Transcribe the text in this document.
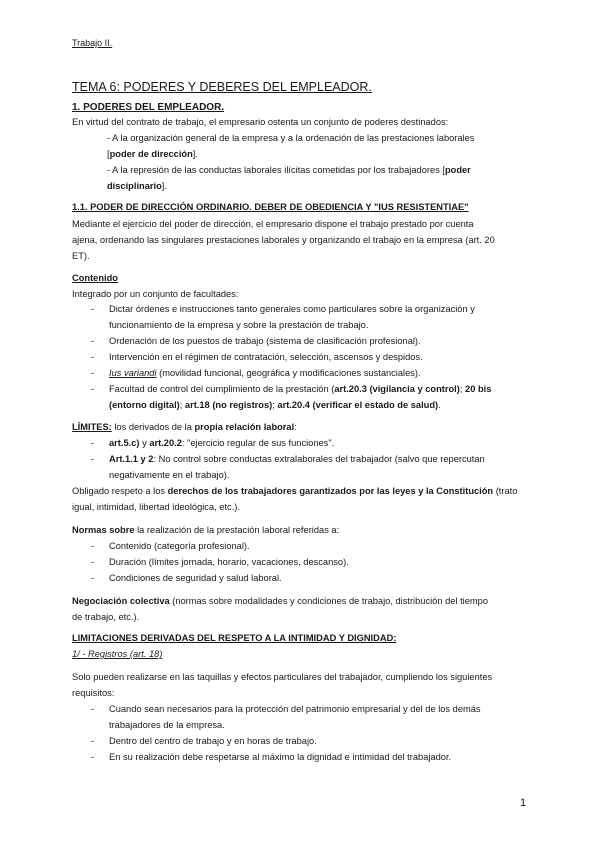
Trabajo II.
TEMA 6: PODERES Y DEBERES DEL EMPLEADOR.
1. PODERES DEL EMPLEADOR.
En virtud del contrato de trabajo, el empresario ostenta un conjunto de poderes destinados:
- A la organización general de la empresa y a la ordenación de las prestaciones laborales
[poder de dirección].
- A la represión de las conductas laborales ilícitas cometidas por los trabajadores [poder
disciplinario].
1.1. PODER DE DIRECCIÓN ORDINARIO. DEBER DE OBEDIENCIA Y "IUS RESISTENTIAE"
Mediante el ejercicio del poder de dirección, el empresario dispone el trabajo prestado por cuenta
ajena, ordenando las singulares prestaciones laborales y organizando el trabajo en la empresa (art. 20
ET).
Contenido
Integrado por un conjunto de facultades:
- Dictar órdenes e instrucciones tanto generales como particulares sobre la organización y
funcionamiento de la empresa y sobre la prestación de trabajo.
- Ordenación de los puestos de trabajo (sistema de clasificación profesional).
- Intervención en el régimen de contratación, selección, ascensos y despidos.
- Ius variandi (movilidad funcional, geográfica y modificaciones sustanciales).
- Facultad de control del cumplimiento de la prestación (art.20.3 (vigilancia y control); 20 bis
(entorno digital); art.18 (no registros); art.20.4 (verificar el estado de salud).
LÍMITES: los derivados de la propia relación laboral:
- art.5.c) y art.20.2: "ejercicio regular de sus funciones".
- Art.1.1 y 2: No control sobre conductas extralaborales del trabajador (salvo que repercutan
negativamente en el trabajo).
Obligado respeto a los derechos de los trabajadores garantizados por las leyes y la Constitución (trato
igual, intimidad, libertad ideológica, etc.).
Normas sobre la realización de la prestación laboral referidas a:
- Contenido (categoría profesional).
- Duración (límites jornada, horario, vacaciones, descanso).
- Condiciones de seguridad y salud laboral.
Negociación colectiva (normas sobre modalidades y condiciones de trabajo, distribución del tiempo
de trabajo, etc.).
LIMITACIONES DERIVADAS DEL RESPETO A LA INTIMIDAD Y DIGNIDAD:
1/ - Registros (art. 18)
Solo pueden realizarse en las taquillas y efectos particulares del trabajador, cumpliendo los siguientes
requisitos:
- Cuando sean necesarios para la protección del patrimonio empresarial y del de los demás
trabajadores de la empresa.
- Dentro del centro de trabajo y en horas de trabajo.
- En su realización debe respetarse al máximo la dignidad e intimidad del trabajador.
1
